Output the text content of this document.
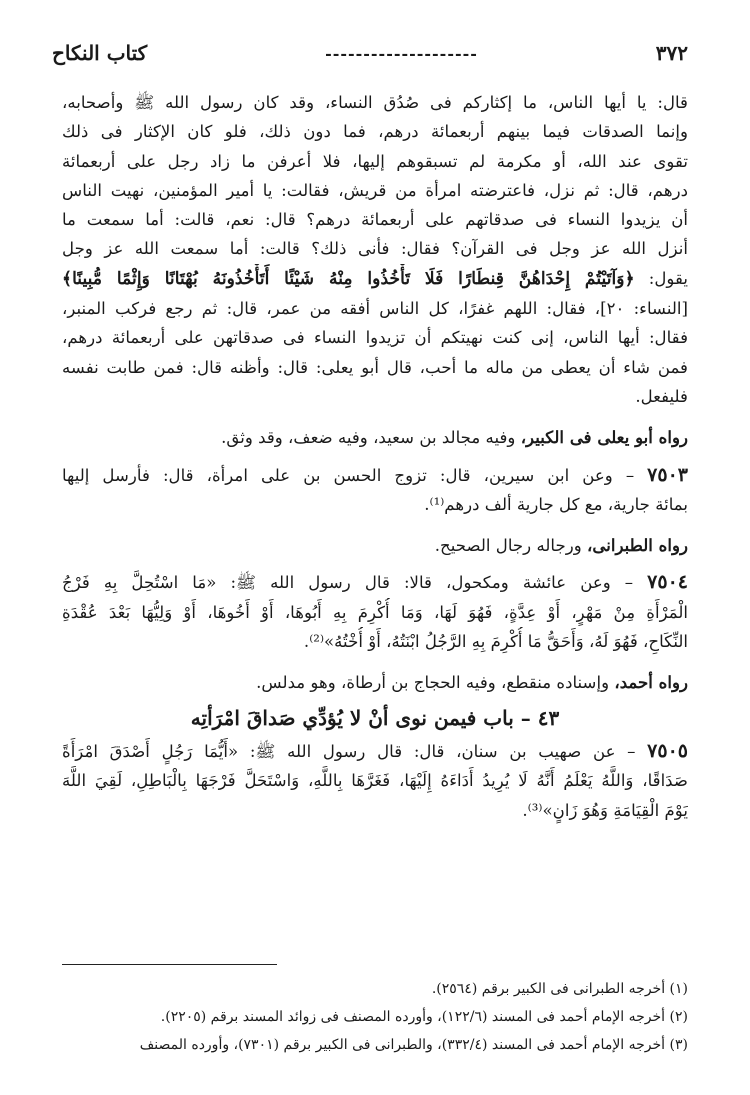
٣٧٢
--------------------
كتاب النكاح
قال: يا أيها الناس، ما إكثاركم فى صُدُق النساء، وقد كان رسول الله ﷺ وأصحابه،
وإنما الصدقات فيما بينهم أربعمائة درهم، فما دون ذلك، فلو كان الإكثار فى ذلك
تقوى عند الله، أو مكرمة لم تسبقوهم إليها، فلا أعرفن ما زاد رجل على أربعمائة
درهم، قال: ثم نزل، فاعترضته امرأة من قريش، فقالت: يا أمير المؤمنين، نهيت الناس
أن يزيدوا النساء فى صدقاتهم على أربعمائة درهم؟ قال: نعم، قالت: أما سمعت ما
أنزل الله عز وجل فى القرآن؟ فقال: فأنى ذلك؟ قالت: أما سمعت الله عز وجل
يقول: ﴿وَآتَيْتُمْ إِحْدَاهُنَّ قِنطَارًا فَلَا تَأْخُذُوا مِنْهُ شَيْئًا أَتَأْخُذُونَهُ بُهْتَانًا وَإِثْمًا مُّبِينًا﴾
[النساء: ٢٠]، فقال: اللهم غفرًا، كل الناس أفقه من عمر، قال: ثم رجع فركب المنبر،
فقال: أيها الناس، إنى كنت نهيتكم أن تزيدوا النساء فى صدقاتهن على أربعمائة درهم،
فمن شاء أن يعطى من ماله ما أحب، قال أبو يعلى: قال: وأظنه قال: فمن طابت نفسه
فليفعل.
رواه أبو يعلى فى الكبير، وفيه مجالد بن سعيد، وفيه ضعف، وقد وثق.
٧٥٠٣ – وعن ابن سيرين، قال: تزوج الحسن بن على امرأة، قال: فأرسل إليها
بمائة جارية، مع كل جارية ألف درهم⁽¹⁾.
رواه الطبرانى، ورجاله رجال الصحيح.
٧٥٠٤ – وعن عائشة ومكحول، قالا: قال رسول الله ﷺ: «مَا اسْتُحِلَّ بِهِ فَرْجُ
الْمَرْأَةِ مِنْ مَهْرٍ، أَوْ عِدَّةٍ، فَهُوَ لَهَا، وَمَا أُكْرِمَ بِهِ أَبُوهَا، أَوْ أَخُوهَا، أَوْ وَلِيُّهَا بَعْدَ عُقْدَةِ
النِّكَاحِ، فَهُوَ لَهُ، وَأَحَقُّ مَا أُكْرِمَ بِهِ الرَّجُلُ ابْنَتُهُ، أَوْ أُخْتُهُ»⁽²⁾.
رواه أحمد، وإسناده منقطع، وفيه الحجاج بن أرطاة، وهو مدلس.
٤٣ – باب فيمن نوى أنْ لا يُؤدِّي صَداقَ امْرَأتِه
٧٥٠٥ – عن صهيب بن سنان، قال: قال رسول الله ﷺ: «أَيُّمَا رَجُلٍ أَصْدَقَ امْرَأَةً
صَدَاقًا، وَاللَّهُ يَعْلَمُ أَنَّهُ لَا يُرِيدُ أَدَاءَهُ إِلَيْهَا، فَغَرَّهَا بِاللَّهِ، وَاسْتَحَلَّ فَرْجَهَا بِالْبَاطِلِ، لَقِيَ اللَّهَ
يَوْمَ الْقِيَامَةِ وَهُوَ زَانٍ»⁽³⁾.
(١) أخرجه الطبرانى فى الكبير برقم (٢٥٦٤).
(٢) أخرجه الإمام أحمد فى المسند (١٢٢/٦)، وأورده المصنف فى زوائد المسند برقم (٢٢٠٥).
(٣) أخرجه الإمام أحمد فى المسند (٣٣٢/٤)، والطبرانى فى الكبير برقم (٧٣٠١)، وأورده المصنف
